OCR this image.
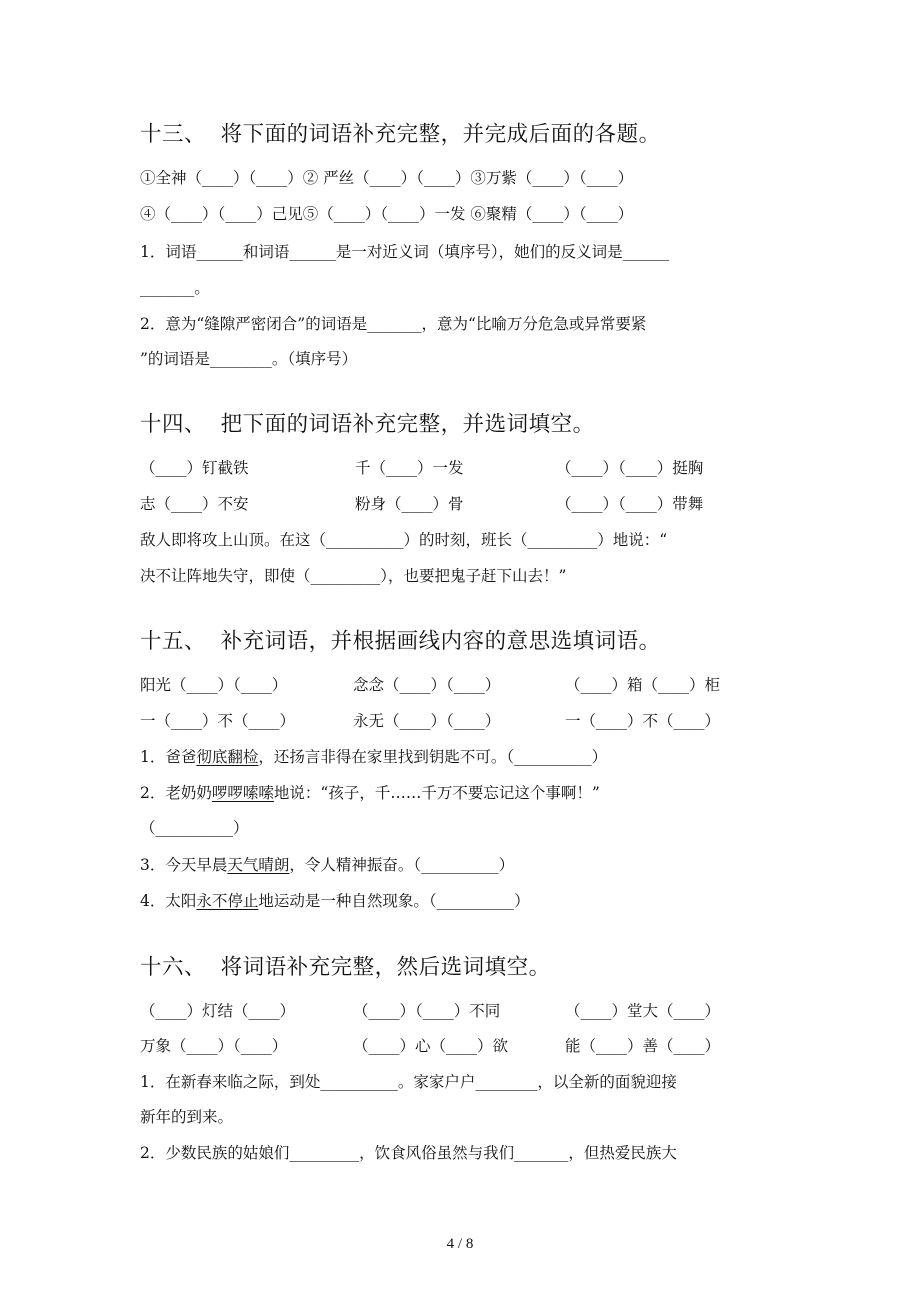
十三、  将下面的词语补充完整，并完成后面的各题。
①全神（____）（____）② 严丝（____）（____）③万紫（____）（____）
④（____）（____）己见⑤（____）（____）一发 ⑥聚精（____）（____）
1．词语______和词语______是一对近义词（填序号），她们的反义词是______
_______。
2．意为“缝隙严密闭合”的词语是_______，意为“比喻万分危急或异常要紧
”的词语是________。（填序号）
十四、  把下面的词语补充完整，并选词填空。
（____）钉截铁	千（____）一发	（____）（____）挺胸
志（____）不安	粉身（____）骨	（____）（____）带舞
敌人即将攻上山顶。在这（__________）的时刻，班长（_________）地说：“
决不让阵地失守，即使（_________），也要把鬼子赶下山去！”
十五、  补充词语，并根据画线内容的意思选填词语。
阳光（____）（____）	念念（____）（____）	（____）箱（____）柜
一（____）不（____）	永无（____）（____）	一（____）不（____）
1．爸爸彻底翻检，还扬言非得在家里找到钥匙不可。（__________）
2．老奶奶啰啰嗦嗦地说：“孩子，千……千万不要忘记这个事啊！”
（__________）
3．今天早晨天气晴朗，令人精神振奋。（__________）
4．太阳永不停止地运动是一种自然现象。（__________）
十六、  将词语补充完整，然后选词填空。
（____）灯结（____）	（____）（____）不同	（____）堂大（____）
万象（____）（____）	（____）心（____）欲	能（____）善（____）
1．在新春来临之际，到处__________。家家户户________，以全新的面貌迎接
新年的到来。
2．少数民族的姑娘们_________，饮食风俗虽然与我们_______，但热爱民族大
4 / 8
